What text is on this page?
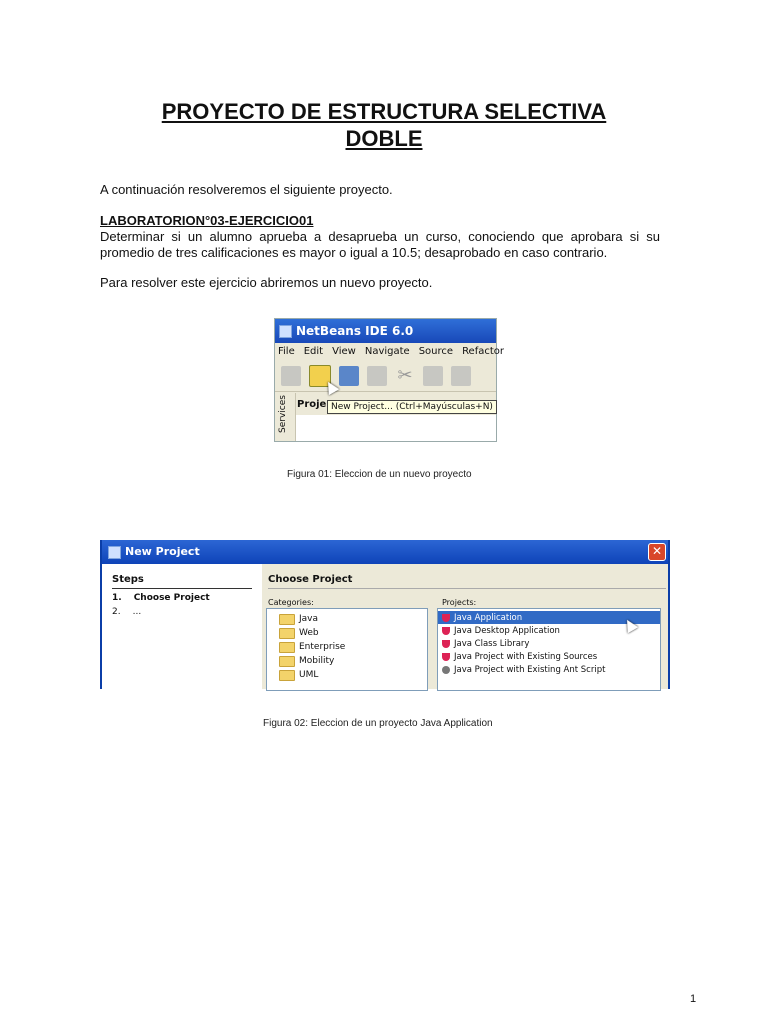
PROYECTO DE ESTRUCTURA SELECTIVA
DOBLE
A continuación resolveremos el siguiente proyecto.
LABORATORION°03-EJERCICIO01
Determinar si un alumno aprueba a desaprueba un curso, conociendo que aprobara si su promedio de tres calificaciones es mayor o igual a 10.5; desaprobado en caso contrario.
Para resolver este ejercicio abriremos un nuevo proyecto.
NetBeans IDE 6.0
File Edit View Navigate Source Refactor
✂
Services Proje New Project... (Ctrl+Mayúsculas+N)
Figura 01: Eleccion de un nuevo proyecto
New Project	✕
Steps
1. Choose Project
2. ...
Choose Project
Categories:
Java
Web
Enterprise
Mobility
UML
Projects:
Java Application
Java Desktop Application
Java Class Library
Java Project with Existing Sources
Java Project with Existing Ant Script
Figura 02: Eleccion de un proyecto Java Application
1
